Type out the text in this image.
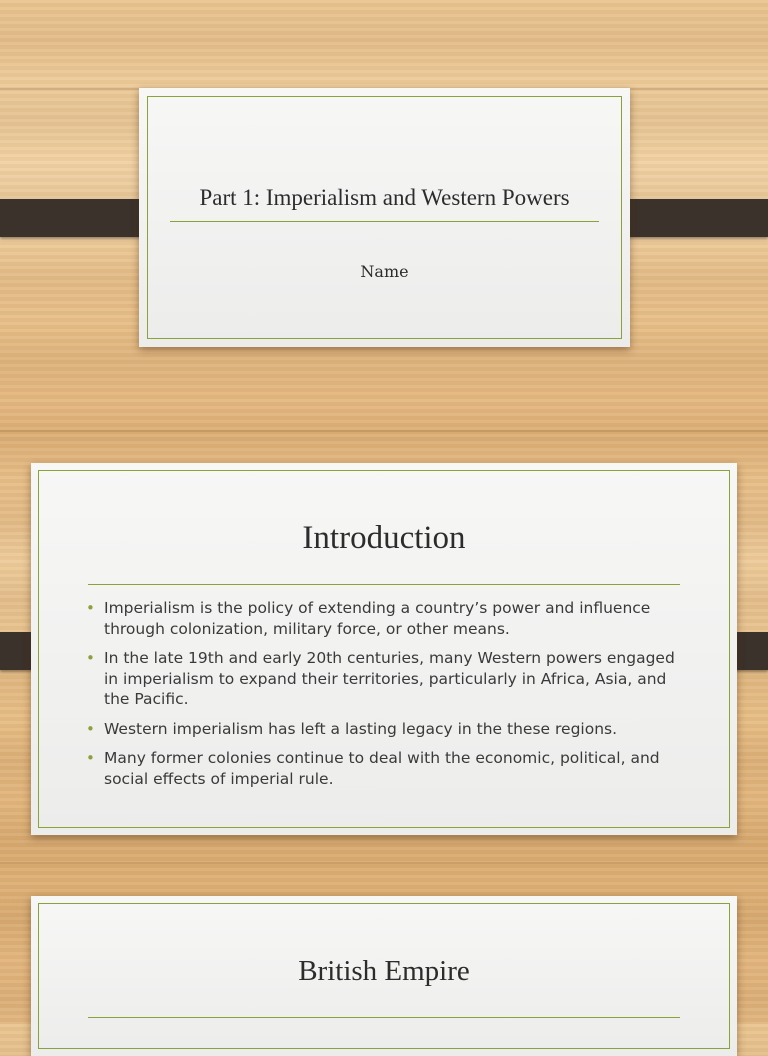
Part 1: Imperialism and Western Powers
Name
Introduction
• Imperialism is the policy of extending a country’s power and influence through colonization, military force, or other means.
• In the late 19th and early 20th centuries, many Western powers engaged in imperialism to expand their territories, particularly in Africa, Asia, and the Pacific.
• Western imperialism has left a lasting legacy in the these regions.
• Many former colonies continue to deal with the economic, political, and social effects of imperial rule.
British Empire
